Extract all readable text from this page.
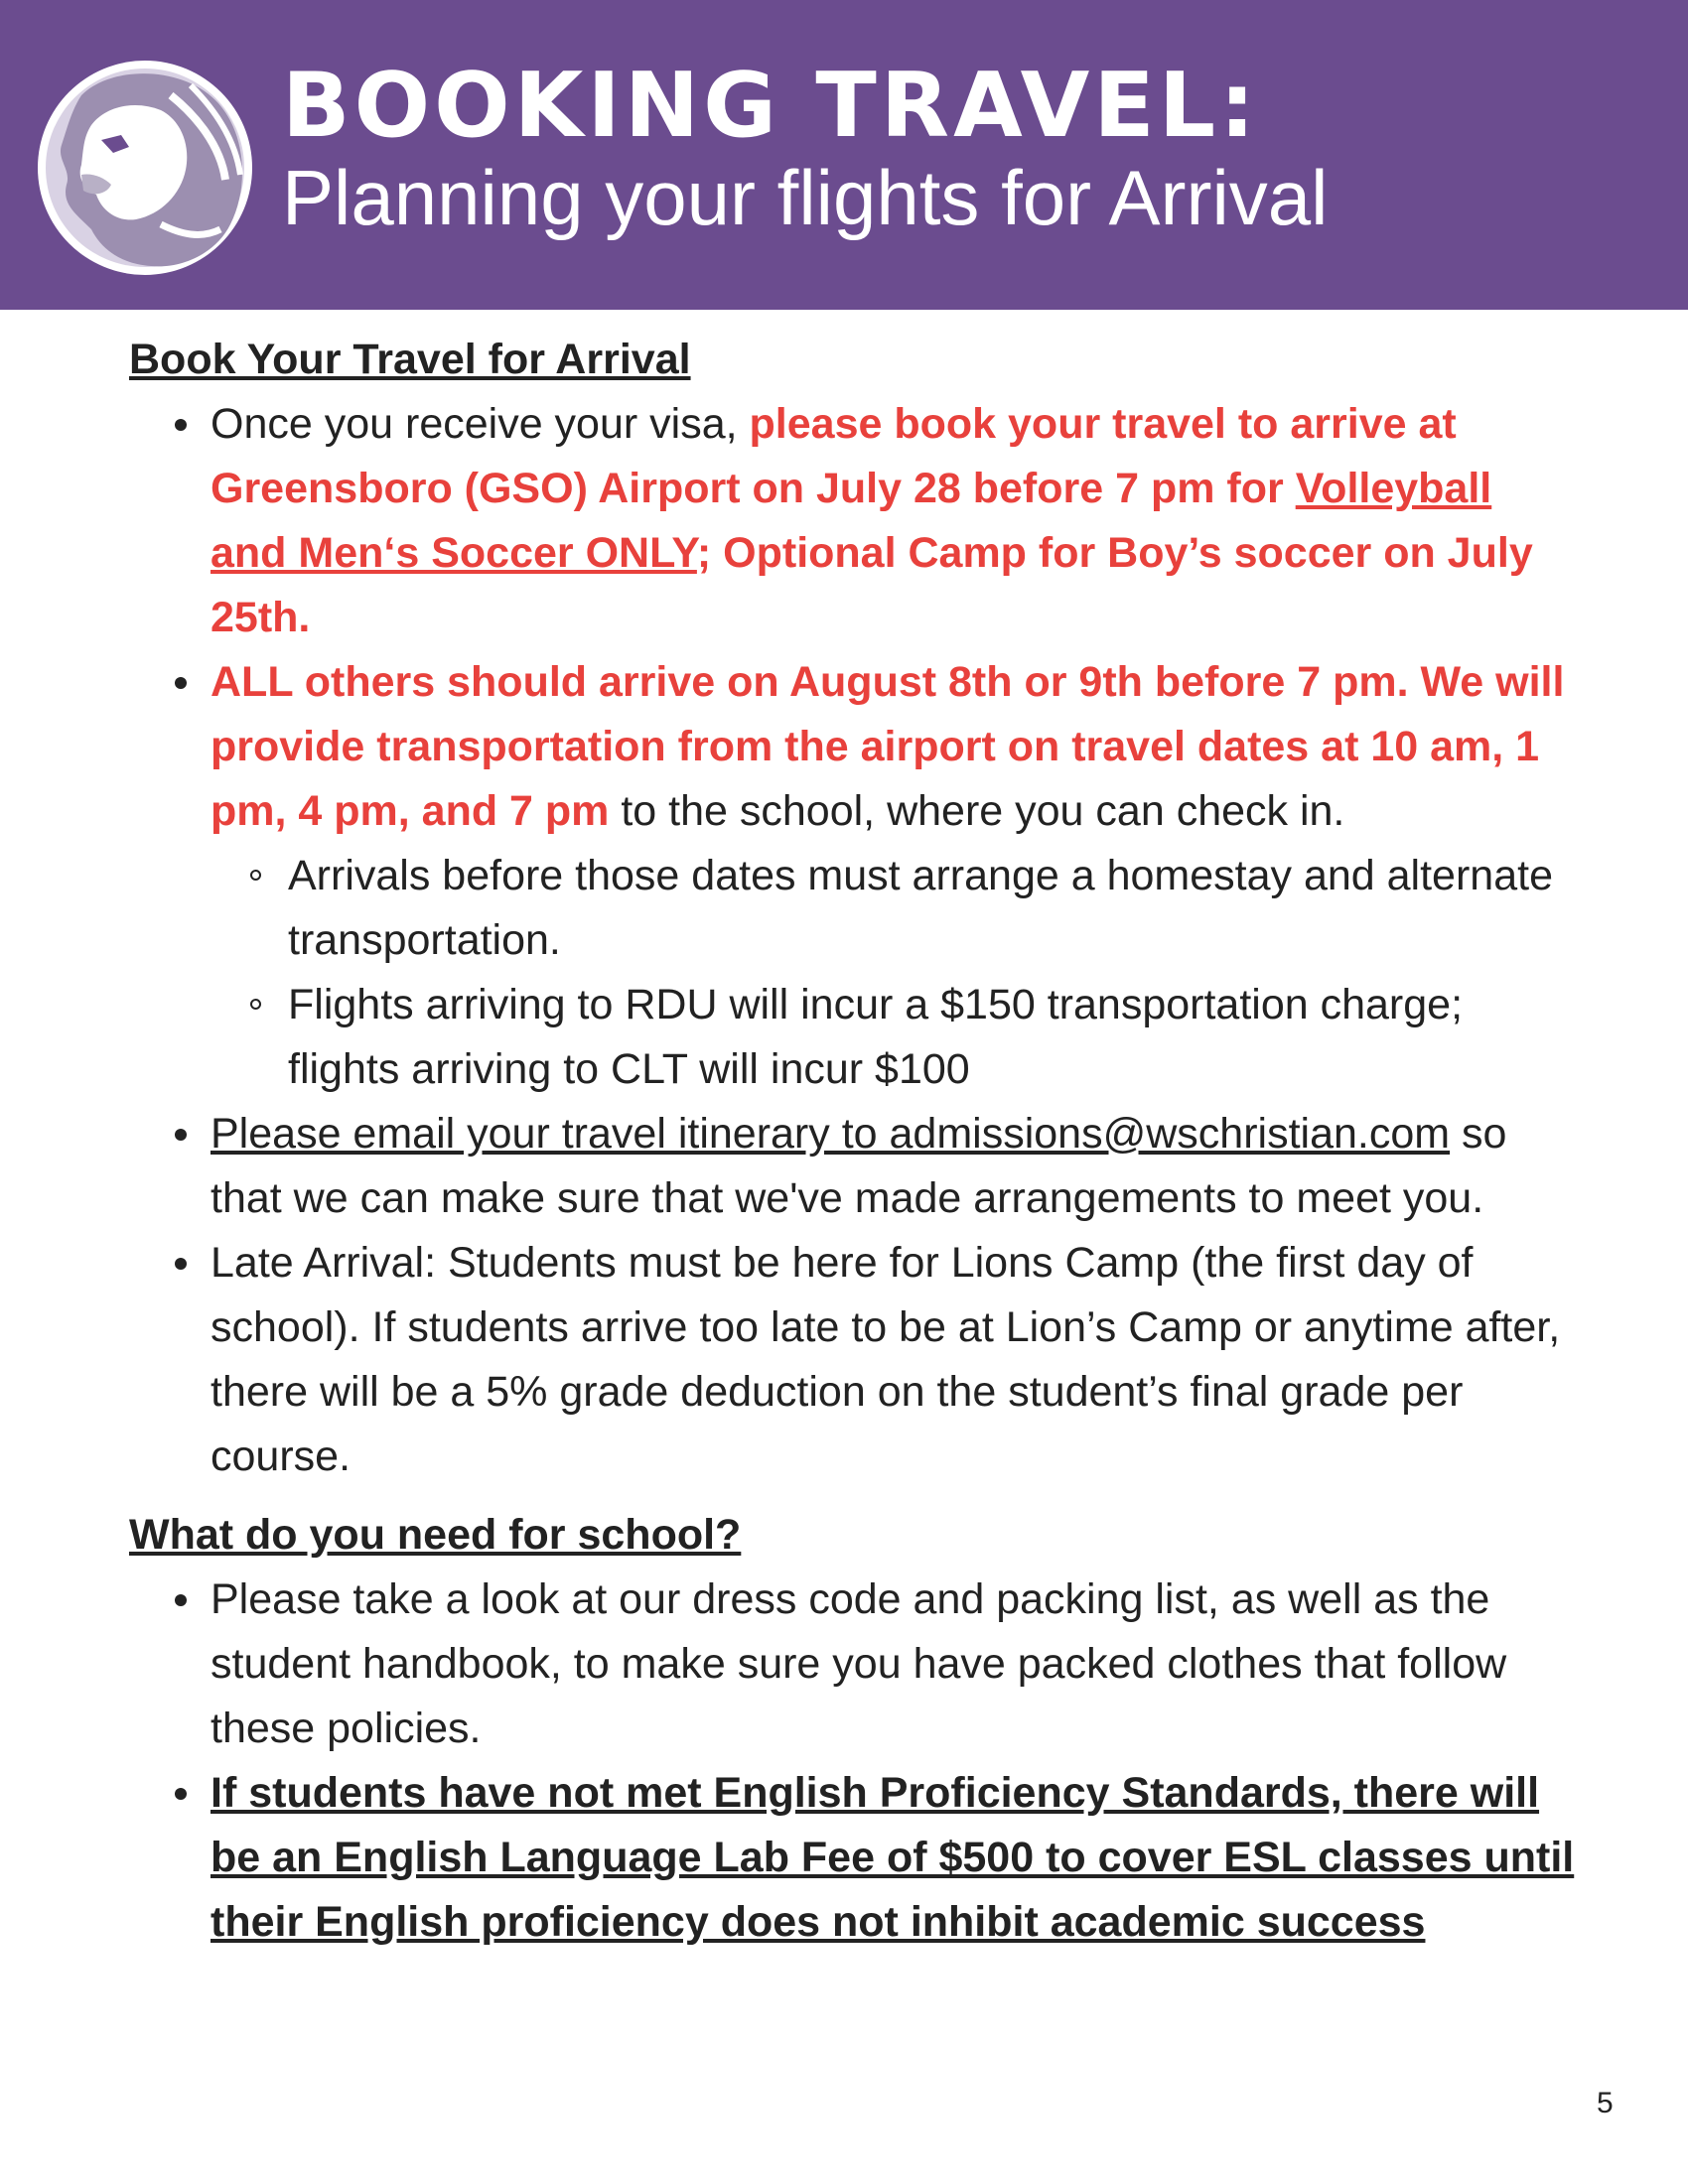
BOOKING TRAVEL:
Planning your flights for Arrival
Book Your Travel for Arrival
Once you receive your visa, please book your travel to arrive at Greensboro (GSO) Airport on July 28 before 7 pm for Volleyball and Men‘s Soccer ONLY; Optional Camp for Boy’s soccer on July 25th.
ALL others should arrive on August 8th or 9th before 7 pm. We will provide transportation from the airport on travel dates at 10 am, 1 pm, 4 pm, and 7 pm to the school, where you can check in.
Arrivals before those dates must arrange a homestay and alternate transportation.
Flights arriving to RDU will incur a $150 transportation charge; flights arriving to CLT will incur $100
Please email your travel itinerary to admissions@wschristian.com so that we can make sure that we've made arrangements to meet you.
Late Arrival: Students must be here for Lions Camp (the first day of school). If students arrive too late to be at Lion’s Camp or anytime after, there will be a 5% grade deduction on the student’s final grade per course.
What do you need for school?
Please take a look at our dress code and packing list, as well as the student handbook, to make sure you have packed clothes that follow these policies.
If students have not met English Proficiency Standards, there will be an English Language Lab Fee of $500 to cover ESL classes until their English proficiency does not inhibit academic success
5
